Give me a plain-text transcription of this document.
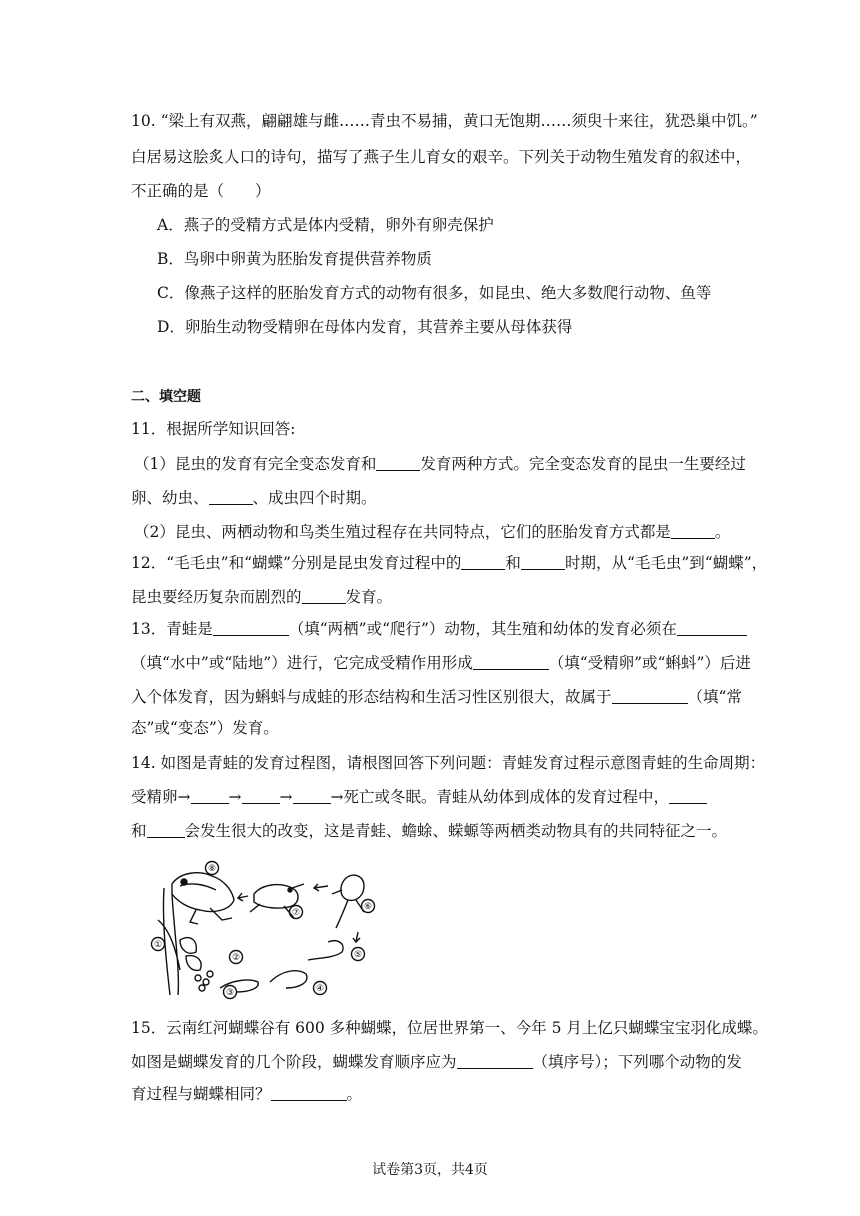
10. “梁上有双燕，翩翩雄与雌……青虫不易捕，黄口无饱期……须臾十来往，犹恐巢中饥。”
白居易这脍炙人口的诗句，描写了燕子生儿育女的艰辛。下列关于动物生殖发育的叙述中，
不正确的是（　　）
A．燕子的受精方式是体内受精，卵外有卵壳保护
B．鸟卵中卵黄为胚胎发育提供营养物质
C．像燕子这样的胚胎发育方式的动物有很多，如昆虫、绝大多数爬行动物、鱼等
D．卵胎生动物受精卵在母体内发育，其营养主要从母体获得
二、填空题
11．根据所学知识回答:
（1）昆虫的发育有完全变态发育和	发育两种方式。完全变态发育的昆虫一生要经过
卵、幼虫、	、成虫四个时期。
（2）昆虫、两栖动物和鸟类生殖过程存在共同特点，它们的胚胎发育方式都是	。
12．“毛毛虫”和“蝴蝶”分别是昆虫发育过程中的	和	时期，从“毛毛虫”到“蝴蝶”，
昆虫要经历复杂而剧烈的	发育。
13．青蛙是	（填“两栖”或“爬行”）动物，其生殖和幼体的发育必须在
（填“水中”或“陆地”）进行，它完成受精作用形成	（填“受精卵”或“蝌蚪”）后进
入个体发育，因为蝌蚪与成蛙的形态结构和生活习性区别很大，故属于	（填“常
态”或“变态”）发育。
14. 如图是青蛙的发育过程图，请根图回答下列问题：青蛙发育过程示意图青蛙的生命周期：
受精卵→ → → →死亡或冬眠。青蛙从幼体到成体的发育过程中，
和 会发生很大的改变，这是青蛙、蟾蜍、蝾螈等两栖类动物具有的共同特征之一。
⑧
①
②
③	④
⑤
⑥
⑦
15．云南红河蝴蝶谷有 600 多种蝴蝶，位居世界第一、今年 5 月上亿只蝴蝶宝宝羽化成蝶。
如图是蝴蝶发育的几个阶段，蝴蝶发育顺序应为	（填序号）；下列哪个动物的发
育过程与蝴蝶相同？	。
试卷第3页，共4页
